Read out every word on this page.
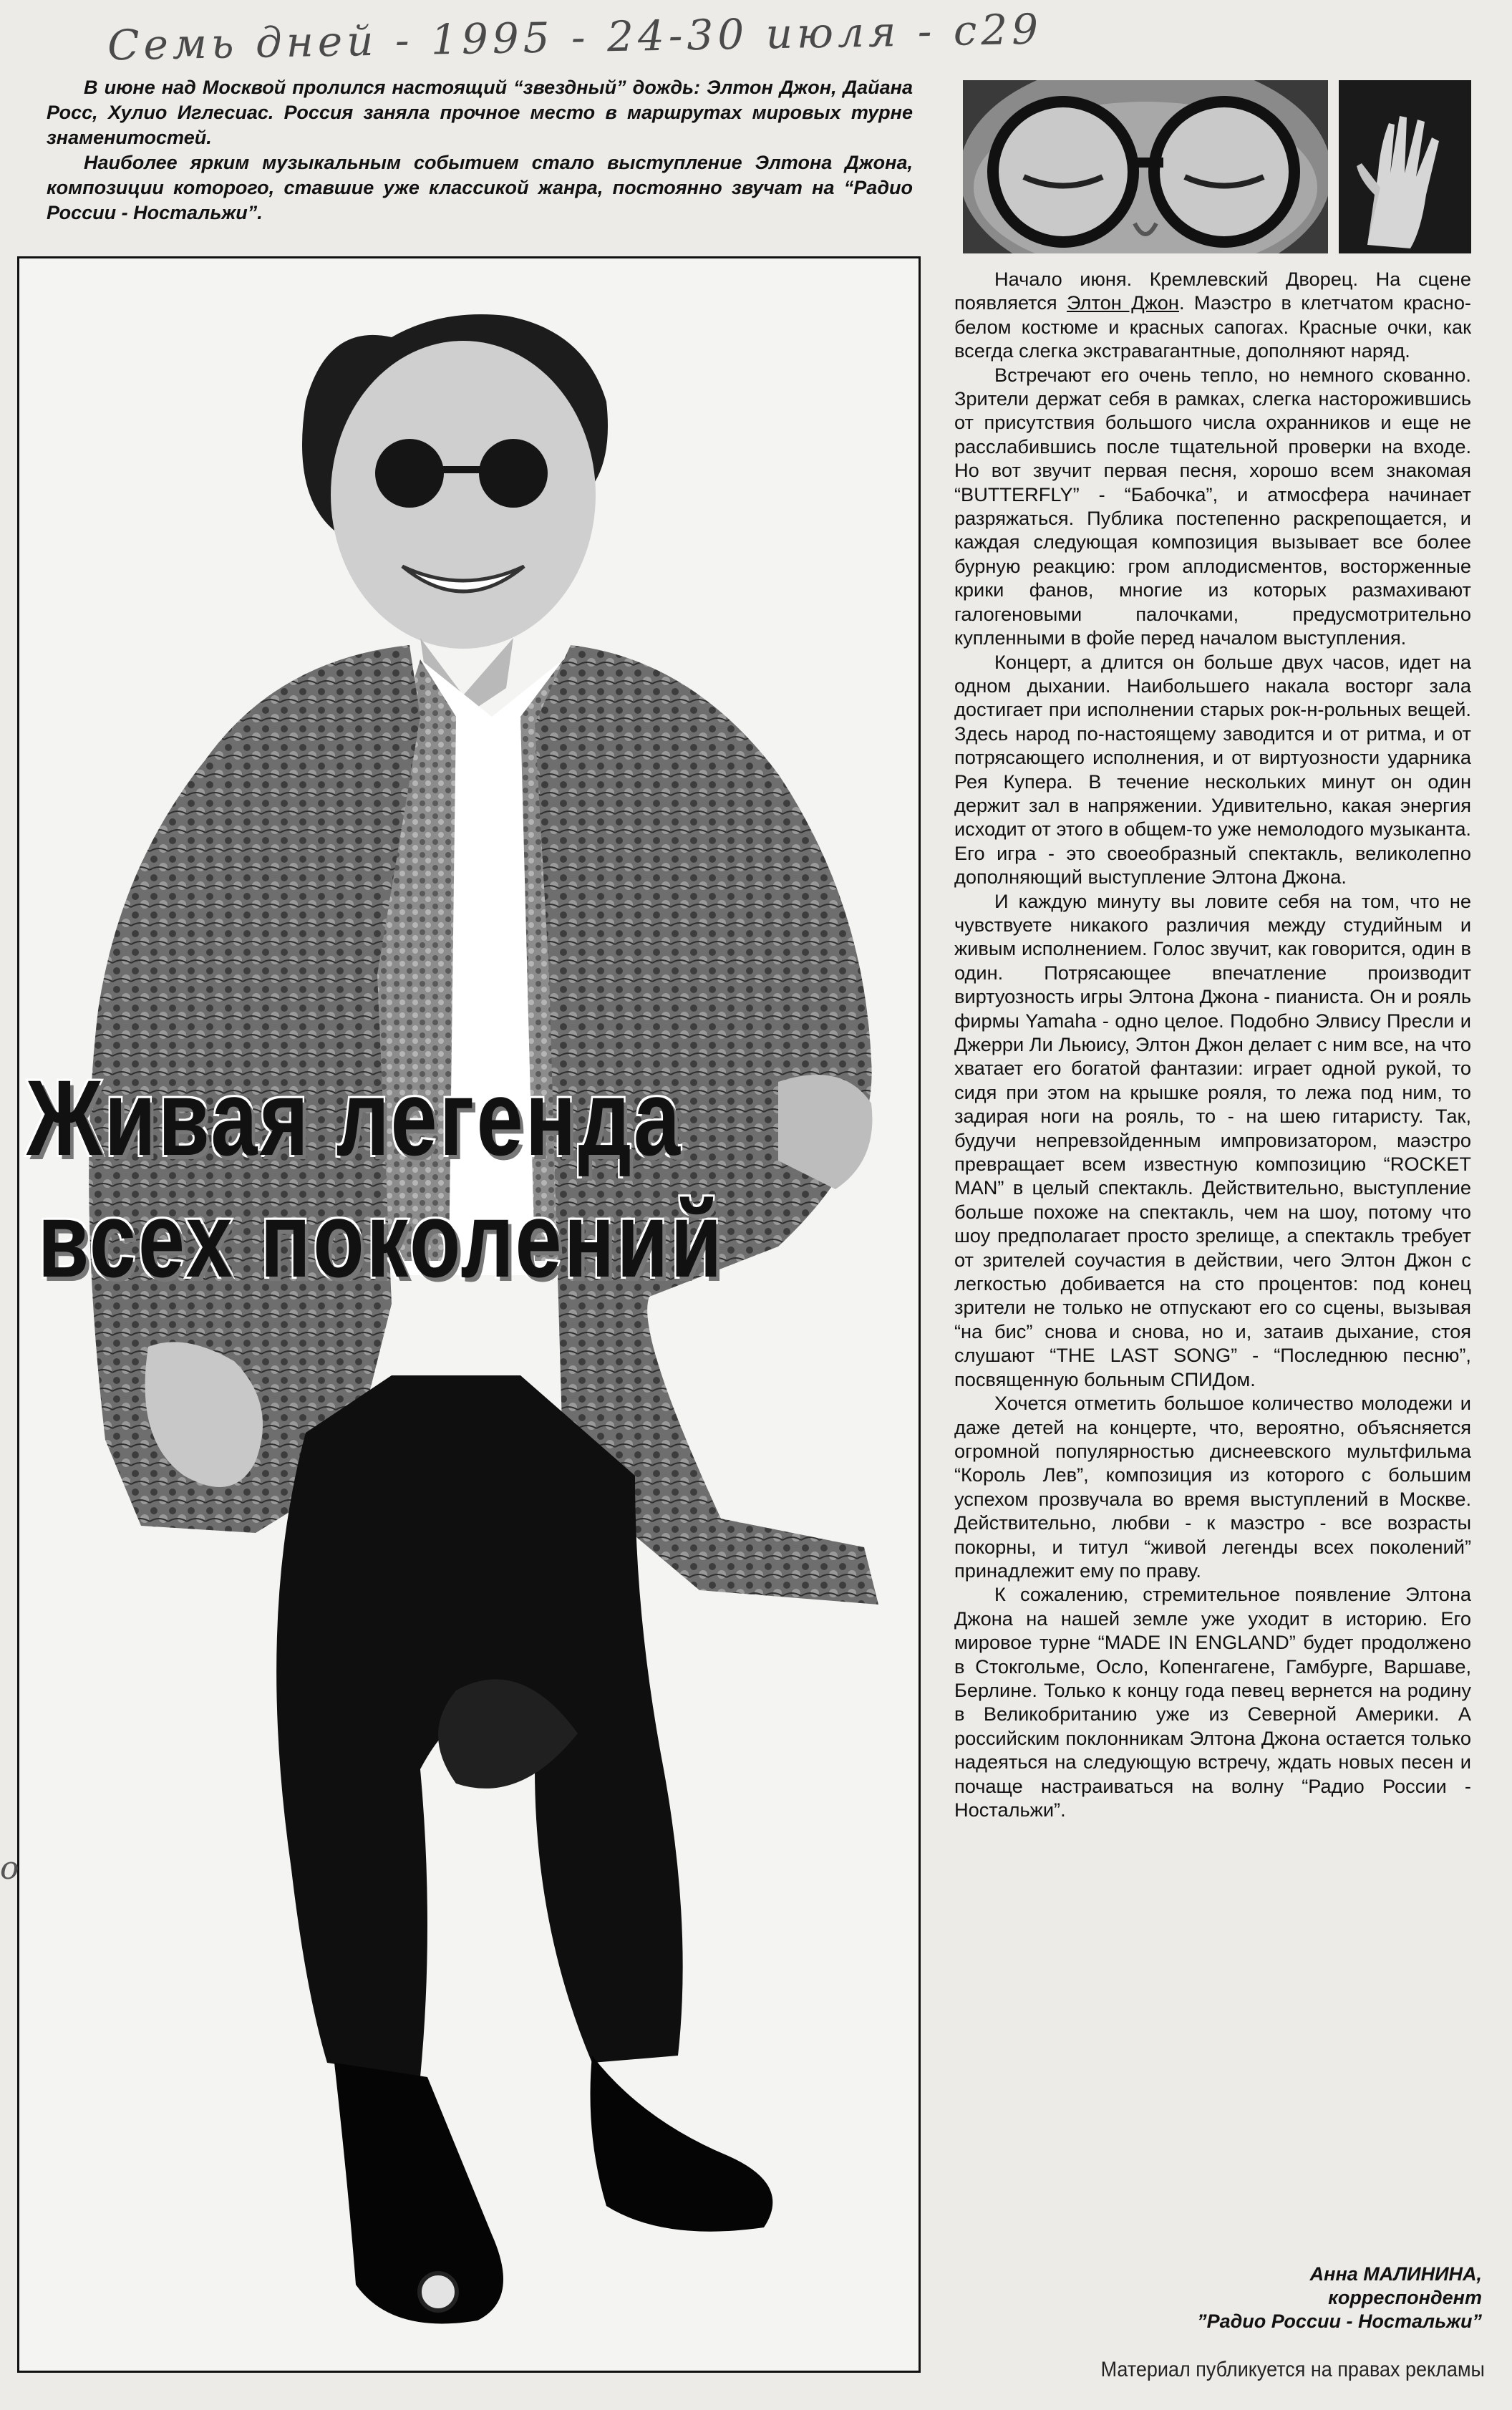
Семь дней - 1995 - 24-30 июля - с29

В июне над Москвой пролился настоящий “звездный” дождь: Элтон Джон, Дайана Росс, Хулио Иглесиас. Россия заняла прочное место в маршрутах мировых турне знаменитостей.

Наиболее ярким музыкальным событием стало выступление Элтона Джона, композиции которого, ставшие уже классикой жанра, постоянно звучат на “Радио России - Ностальжи”.

Живая легенда
всех поколений

Начало июня. Кремлевский Дворец. На сцене появляется Элтон Джон. Маэстро в клетчатом красно-белом костюме и красных сапогах. Красные очки, как всегда слегка экстравагантные, дополняют наряд.

Встречают его очень тепло, но немного скованно. Зрители держат себя в рамках, слегка насторожившись от присутствия большого числа охранников и еще не расслабившись после тщательной проверки на входе. Но вот звучит первая песня, хорошо всем знакомая “BUTTERFLY” - “Бабочка”, и атмосфера начинает разряжаться. Публика постепенно раскрепощается, и каждая следующая композиция вызывает все более бурную реакцию: гром аплодисментов, восторженные крики фанов, многие из которых размахивают галогеновыми палочками, предусмотрительно купленными в фойе перед началом выступления.

Концерт, а длится он больше двух часов, идет на одном дыхании. Наибольшего накала восторг зала достигает при исполнении старых рок-н-рольных вещей. Здесь народ по-настоящему заводится и от ритма, и от потрясающего исполнения, и от виртуозности ударника Рея Купера. В течение нескольких минут он один держит зал в напряжении. Удивительно, какая энергия исходит от этого в общем-то уже немолодого музыканта. Его игра - это своеобразный спектакль, великолепно дополняющий выступление Элтона Джона.

И каждую минуту вы ловите себя на том, что не чувствуете никакого различия между студийным и живым исполнением. Голос звучит, как говорится, один в один. Потрясающее впечатление производит виртуозность игры Элтона Джона - пианиста. Он и рояль фирмы Yamaha - одно целое. Подобно Элвису Пресли и Джерри Ли Льюису, Элтон Джон делает с ним все, на что хватает его богатой фантазии: играет одной рукой, то сидя при этом на крышке рояля, то лежа под ним, то задирая ноги на рояль, то - на шею гитаристу. Так, будучи непревзойденным импровизатором, маэстро превращает всем известную композицию “ROCKET MAN” в целый спектакль. Действительно, выступление больше похоже на спектакль, чем на шоу, потому что шоу предполагает просто зрелище, а спектакль требует от зрителей соучастия в действии, чего Элтон Джон с легкостью добивается на сто процентов: под конец зрители не только не отпускают его со сцены, вызывая “на бис” снова и снова, но и, затаив дыхание, стоя слушают “THE LAST SONG” - “Последнюю песню”, посвященную больным СПИДом.

Хочется отметить большое количество молодежи и даже детей на концерте, что, вероятно, объясняется огромной популярностью диснеевского мультфильма “Король Лев”, композиция из которого с большим успехом прозвучала во время выступлений в Москве. Действительно, любви - к маэстро - все возрасты покорны, и титул “живой легенды всех поколений” принадлежит ему по праву.

К сожалению, стремительное появление Элтона Джона на нашей земле уже уходит в историю. Его мировое турне “MADE IN ENGLAND” будет продолжено в Стокгольме, Осло, Копенгагене, Гамбурге, Варшаве, Берлине. Только к концу года певец вернется на родину в Великобританию уже из Северной Америки. А российским поклонникам Элтона Джона остается только надеяться на следующую встречу, ждать новых песен и почаще настраиваться на волну “Радио России - Ностальжи”.

Анна МАЛИНИНА,
корреспондент
”Радио России - Ностальжи”
Материал публикуется на правах рекламы
o
